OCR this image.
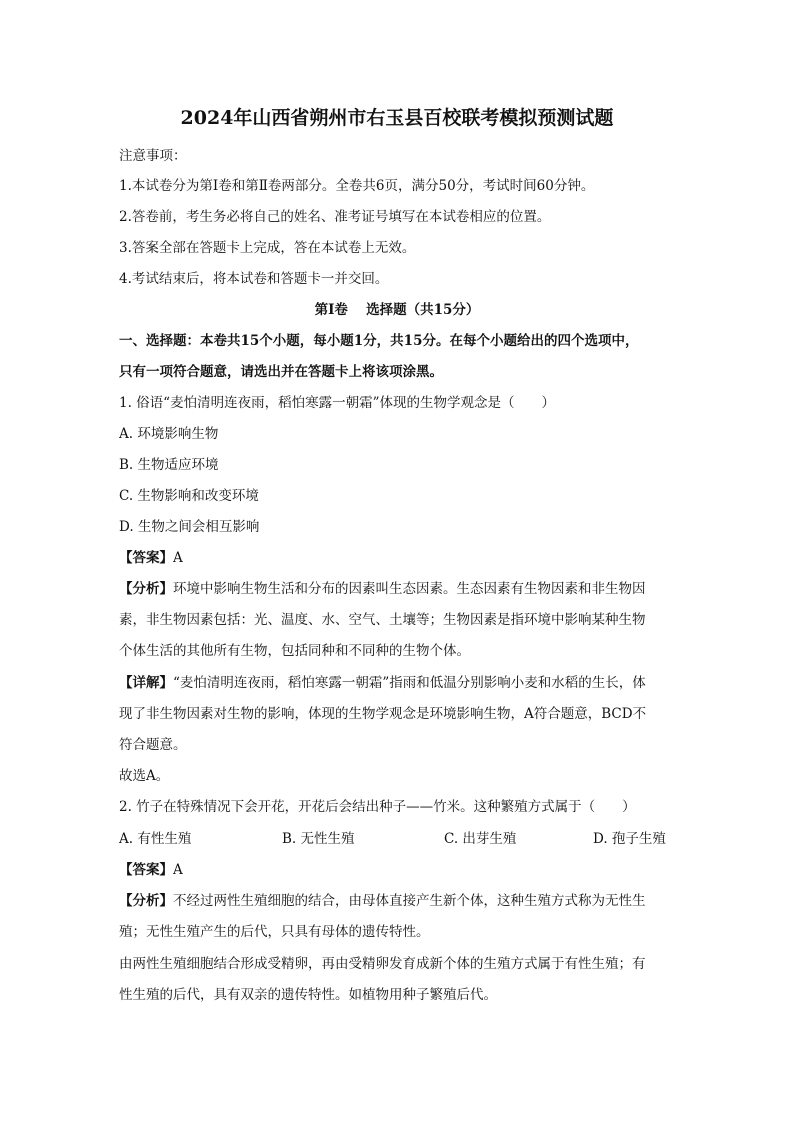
2024年山西省朔州市右玉县百校联考模拟预测试题
注意事项：
1.本试卷分为第Ⅰ卷和第Ⅱ卷两部分。全卷共6页，满分50分，考试时间60分钟。
2.答卷前，考生务必将自己的姓名、准考证号填写在本试卷相应的位置。
3.答案全部在答题卡上完成，答在本试卷上无效。
4.考试结束后，将本试卷和答题卡一并交回。
第Ⅰ卷　 选择题（共15分）
一、选择题：本卷共15个小题，每小题1分，共15分。在每个小题给出的四个选项中，
只有一项符合题意，请选出并在答题卡上将该项涂黑。
1. 俗语“麦怕清明连夜雨，稻怕寒露一朝霜”体现的生物学观念是（　　）
A. 环境影响生物
B. 生物适应环境
C. 生物影响和改变环境
D. 生物之间会相互影响
【答案】A
【分析】环境中影响生物生活和分布的因素叫生态因素。生态因素有生物因素和非生物因
素，非生物因素包括：光、温度、水、空气、土壤等；生物因素是指环境中影响某种生物
个体生活的其他所有生物，包括同种和不同种的生物个体。
【详解】“麦怕清明连夜雨，稻怕寒露一朝霜”指雨和低温分别影响小麦和水稻的生长，体
现了非生物因素对生物的影响，体现的生物学观念是环境影响生物，A符合题意，BCD不
符合题意。
故选A。
2. 竹子在特殊情况下会开花，开花后会结出种子——竹米。这种繁殖方式属于（　　）
A. 有性生殖	B. 无性生殖	C. 出芽生殖	D. 孢子生殖
【答案】A
【分析】不经过两性生殖细胞的结合，由母体直接产生新个体，这种生殖方式称为无性生
殖；无性生殖产生的后代，只具有母体的遗传特性。
由两性生殖细胞结合形成受精卵，再由受精卵发育成新个体的生殖方式属于有性生殖；有
性生殖的后代，具有双亲的遗传特性。如植物用种子繁殖后代。
